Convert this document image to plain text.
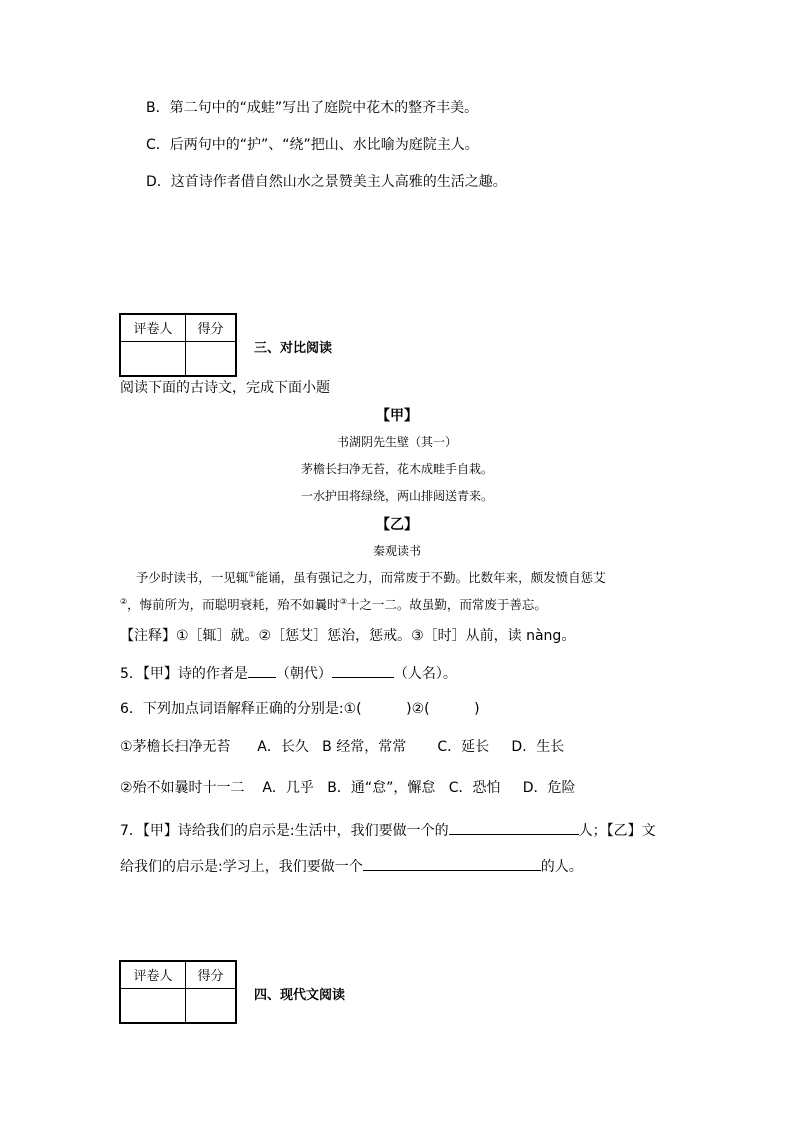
B．第二句中的“成蛙”写出了庭院中花木的整齐丰美。
C．后两句中的“护”、“绕”把山、水比喻为庭院主人。
D．这首诗作者借自然山水之景赞美主人高雅的生活之趣。
评卷人	得分

三、对比阅读
阅读下面的古诗文，完成下面小题
【甲】
书湖阴先生壁（其一）
茅檐长扫净无苔，花木成畦手自栽。
一水护田将绿绕，两山排闼送青来。
【乙】
秦观读书
予少时读书，一见辄①能诵，虽有强记之力，而常废于不勤。比数年来，颇发愤自惩艾
②，悔前所为，而聪明衰耗，殆不如曩时③十之一二。故虽勤，而常废于善忘。
【注释】①［辄］就。②［惩艾］惩治，惩戒。③［时］从前，读 nàng。
5．【甲】诗的作者是 （朝代）	（人名）。
6．下列加点词语解释正确的分别是:①(          )②(          )
①茅檐长扫净无苔      A．长久   B 经常，常常       C．延长     D．生长
②殆不如曩时十一二    A．几乎   B．通“怠”，懈怠   C．恐怕     D．危险
7．【甲】诗给我们的启示是:生活中，我们要做一个的	人；【乙】文
给我们的启示是:学习上，我们要做一个	的人。
评卷人	得分

四、现代文阅读
